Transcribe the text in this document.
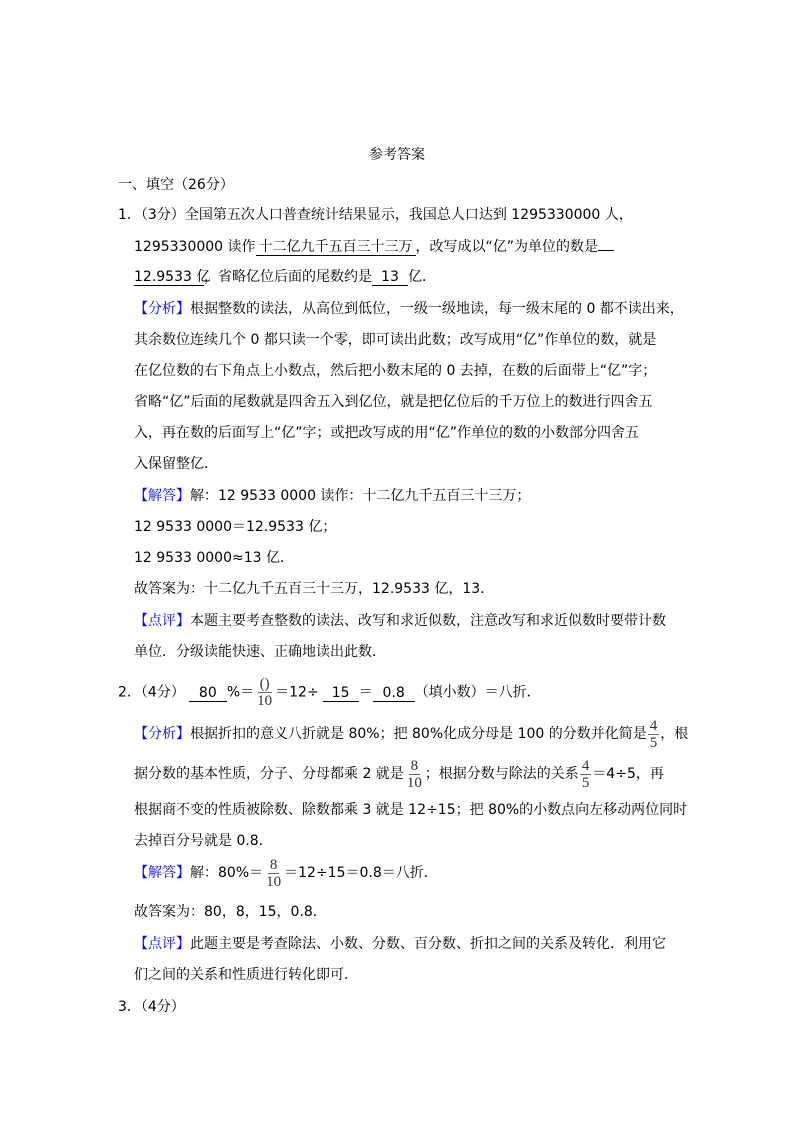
参考答案
一、填空（26分）
1．（3分）全国第五次人口普查统计结果显示，我国总人口达到 1295330000 人，
1295330000 读作 十二亿九千五百三十三万 ，改写成以“亿”为单位的数是
12.9533 亿，省略亿位后面的尾数约是 13 亿．
【分析】根据整数的读法，从高位到低位，一级一级地读，每一级末尾的 0 都不读出来，
其余数位连续几个 0 都只读一个零，即可读出此数；改写成用“亿”作单位的数，就是
在亿位数的右下角点上小数点，然后把小数末尾的 0 去掉，在数的后面带上“亿”字；
省略“亿”后面的尾数就是四舍五入到亿位，就是把亿位后的千万位上的数进行四舍五
入，再在数的后面写上“亿”字；或把改写成的用“亿”作单位的数的小数部分四舍五
入保留整亿．
【解答】解：12 9533 0000 读作：十二亿九千五百三十三万；
12 9533 0000＝12.9533 亿；
12 9533 0000≈13 亿．
故答案为：十二亿九千五百三十三万，12.9533 亿，13．
【点评】本题主要考查整数的读法、改写和求近似数，注意改写和求近似数时要带计数
单位．分级读能快速、正确地读出此数．
2．（4分） 80 %＝ $\frac{()}{10} =12\div 15 = 0.8$ （填小数）＝八折．
【分析】根据折扣的意义八折就是 80%；把 80%化成分母是 100 的分数并化简是 $\frac{4}{5}$ ，根
据分数的基本性质，分子、分母都乘 2 就是 $\frac{8}{10}$ ；根据分数与除法的关系 $\frac{4}{5} =4\div 5$，再
根据商不变的性质被除数、除数都乘 3 就是 12÷15；把 80%的小数点向左移动两位同时
去掉百分号就是 0.8．
【解答】解：$80\%= \frac{8}{10} =12\div 15=0.8=$八折．
故答案为：80，8，15，0.8．
【点评】此题主要是考查除法、小数、分数、百分数、折扣之间的关系及转化．利用它
们之间的关系和性质进行转化即可．
3．（4分）
